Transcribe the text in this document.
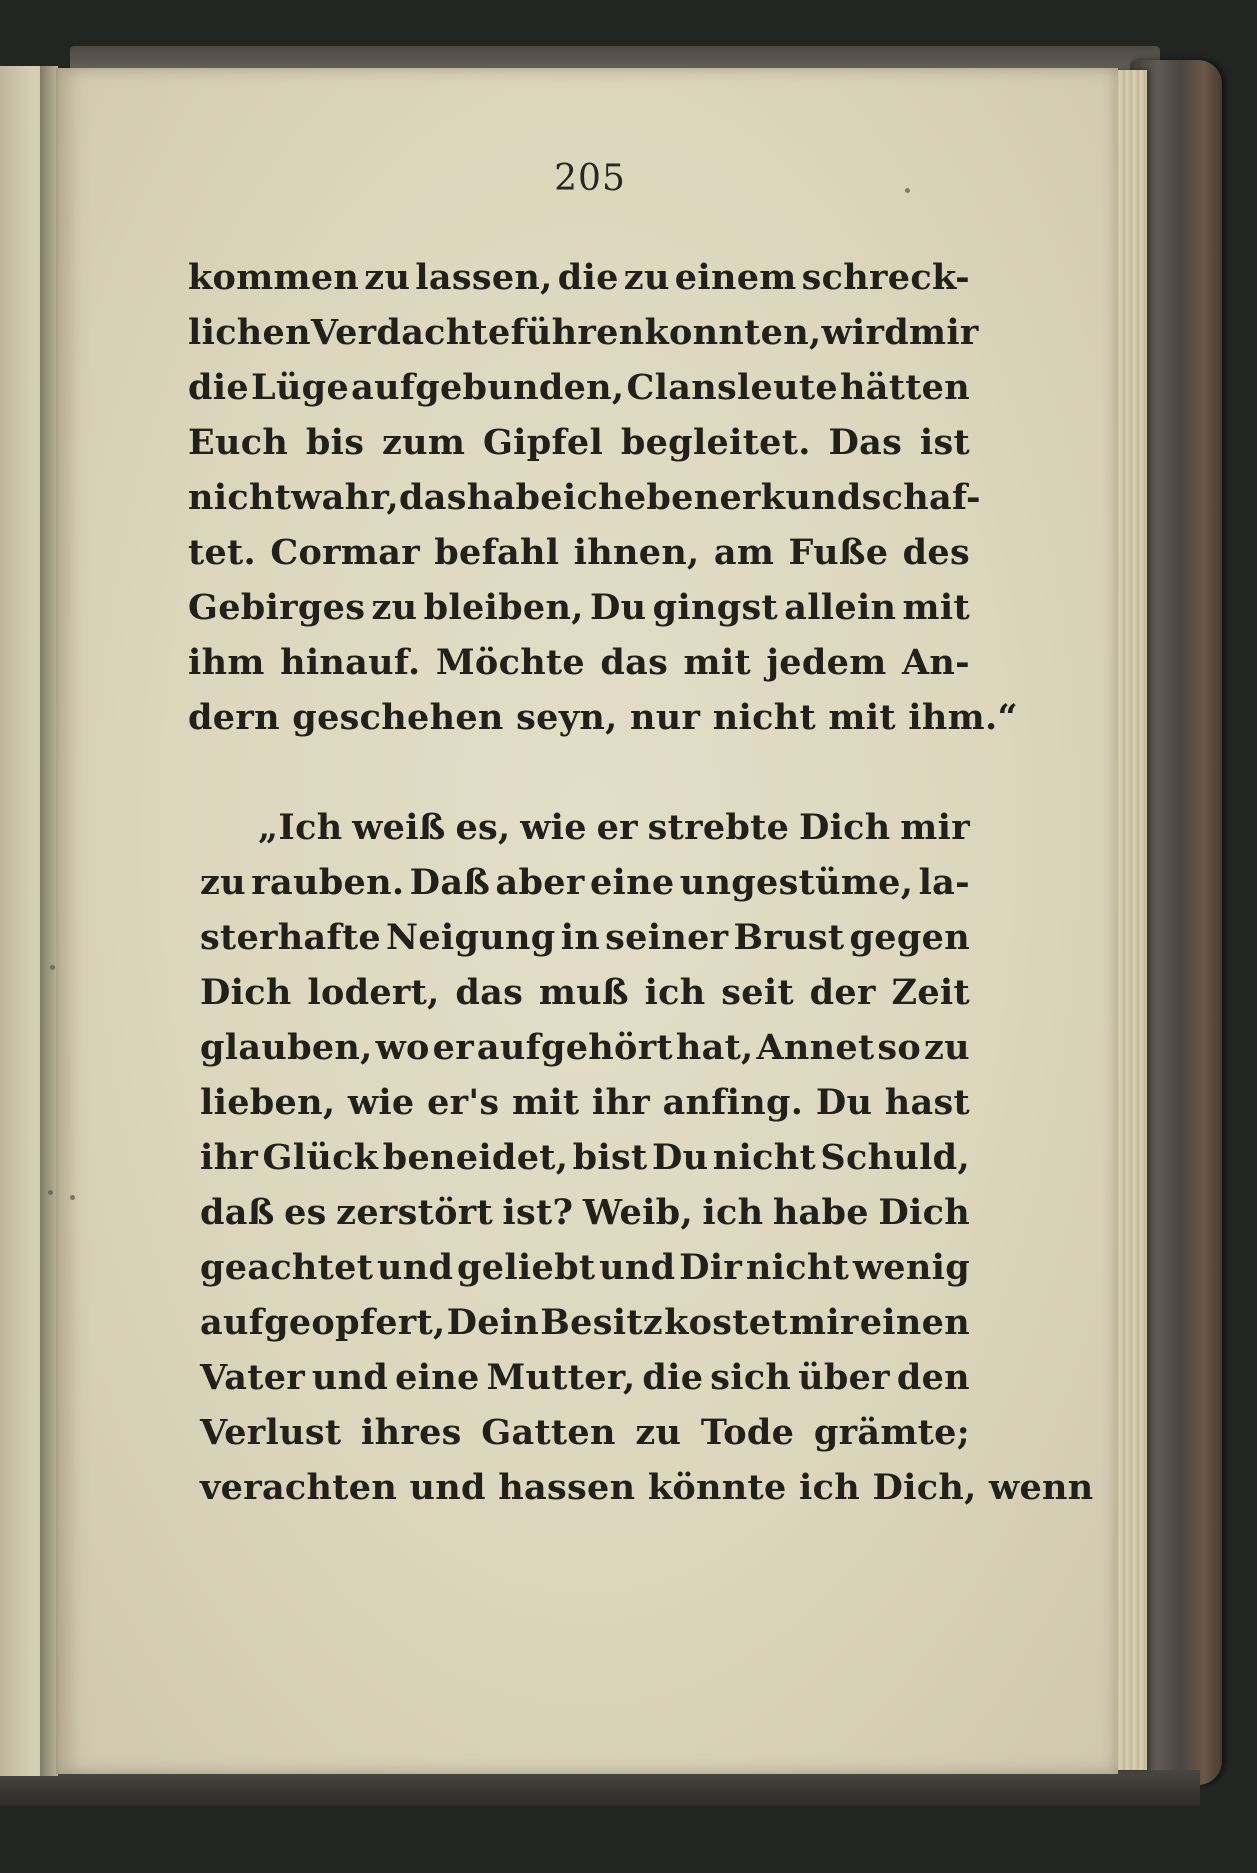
205
kommen zu lassen, die zu einem schreck-
lichen Verdachte führen konnten, wird mir
die Lüge aufgebunden, Clansleute hätten
Euch bis zum Gipfel begleitet. Das ist
nicht wahr, das habe ich eben erkundschaf-
tet. Cormar befahl ihnen, am Fuße des
Gebirges zu bleiben, Du gingst allein mit
ihm hinauf. Möchte das mit jedem An-
dern geschehen seyn, nur nicht mit ihm.“
„Ich weiß es, wie er strebte Dich mir
zu rauben. Daß aber eine ungestüme, la-
sterhafte Neigung in seiner Brust gegen
Dich lodert, das muß ich seit der Zeit
glauben, wo er aufgehört hat, Annet so zu
lieben, wie er's mit ihr anfing. Du hast
ihr Glück beneidet, bist Du nicht Schuld,
daß es zerstört ist? Weib, ich habe Dich
geachtet und geliebt und Dir nicht wenig
aufgeopfert, Dein Besitz kostet mir einen
Vater und eine Mutter, die sich über den
Verlust ihres Gatten zu Tode grämte;
verachten und hassen könnte ich Dich, wenn
